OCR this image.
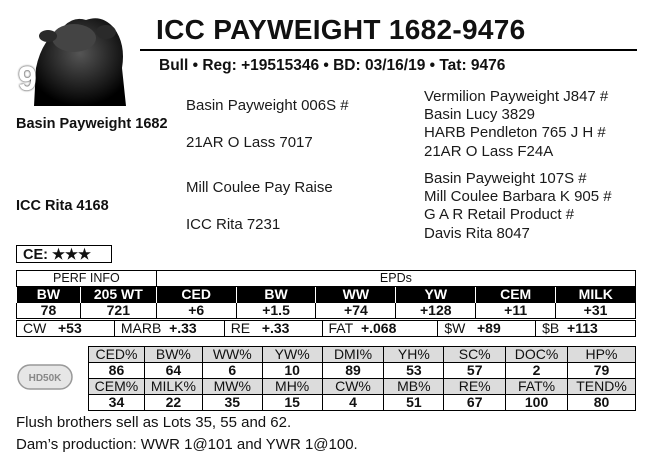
9
ICC PAYWEIGHT 1682-9476
Bull • Reg: +19515346 • BD: 03/16/19 • Tat: 9476
Basin Payweight 1682
ICC Rita 4168
Basin Payweight 006S #
21AR O Lass 7017
Mill Coulee Pay Raise
ICC Rita 7231
Vermilion Payweight J847 #
Basin Lucy 3829
HARB Pendleton 765 J H #
21AR O Lass F24A
Basin Payweight 107S #
Mill Coulee Barbara K 905 #
G A R Retail Product #
Davis Rita 8047
CE: ★★★
PERF INFO		EPDs					
BW	205 WT	CED	BW	WW	YW	CEM	MILK
78	721	+6	+1.5	+74	+128	+11	+31
CW +53	MARB +.33	RE +.33	FAT +.068	$W +89	$B +113
HD50K
CED%	BW%	WW%	YW%	DMI%	YH%	SC%	DOC%	HP%
86	64	6	10	89	53	57	2	79
CEM%	MILK%	MW%	MH%	CW%	MB%	RE%	FAT%	TEND%
34	22	35	15	4	51	67	100	80
Flush brothers sell as Lots 35, 55 and 62.
Dam’s production: WWR 1@101 and YWR 1@100.
